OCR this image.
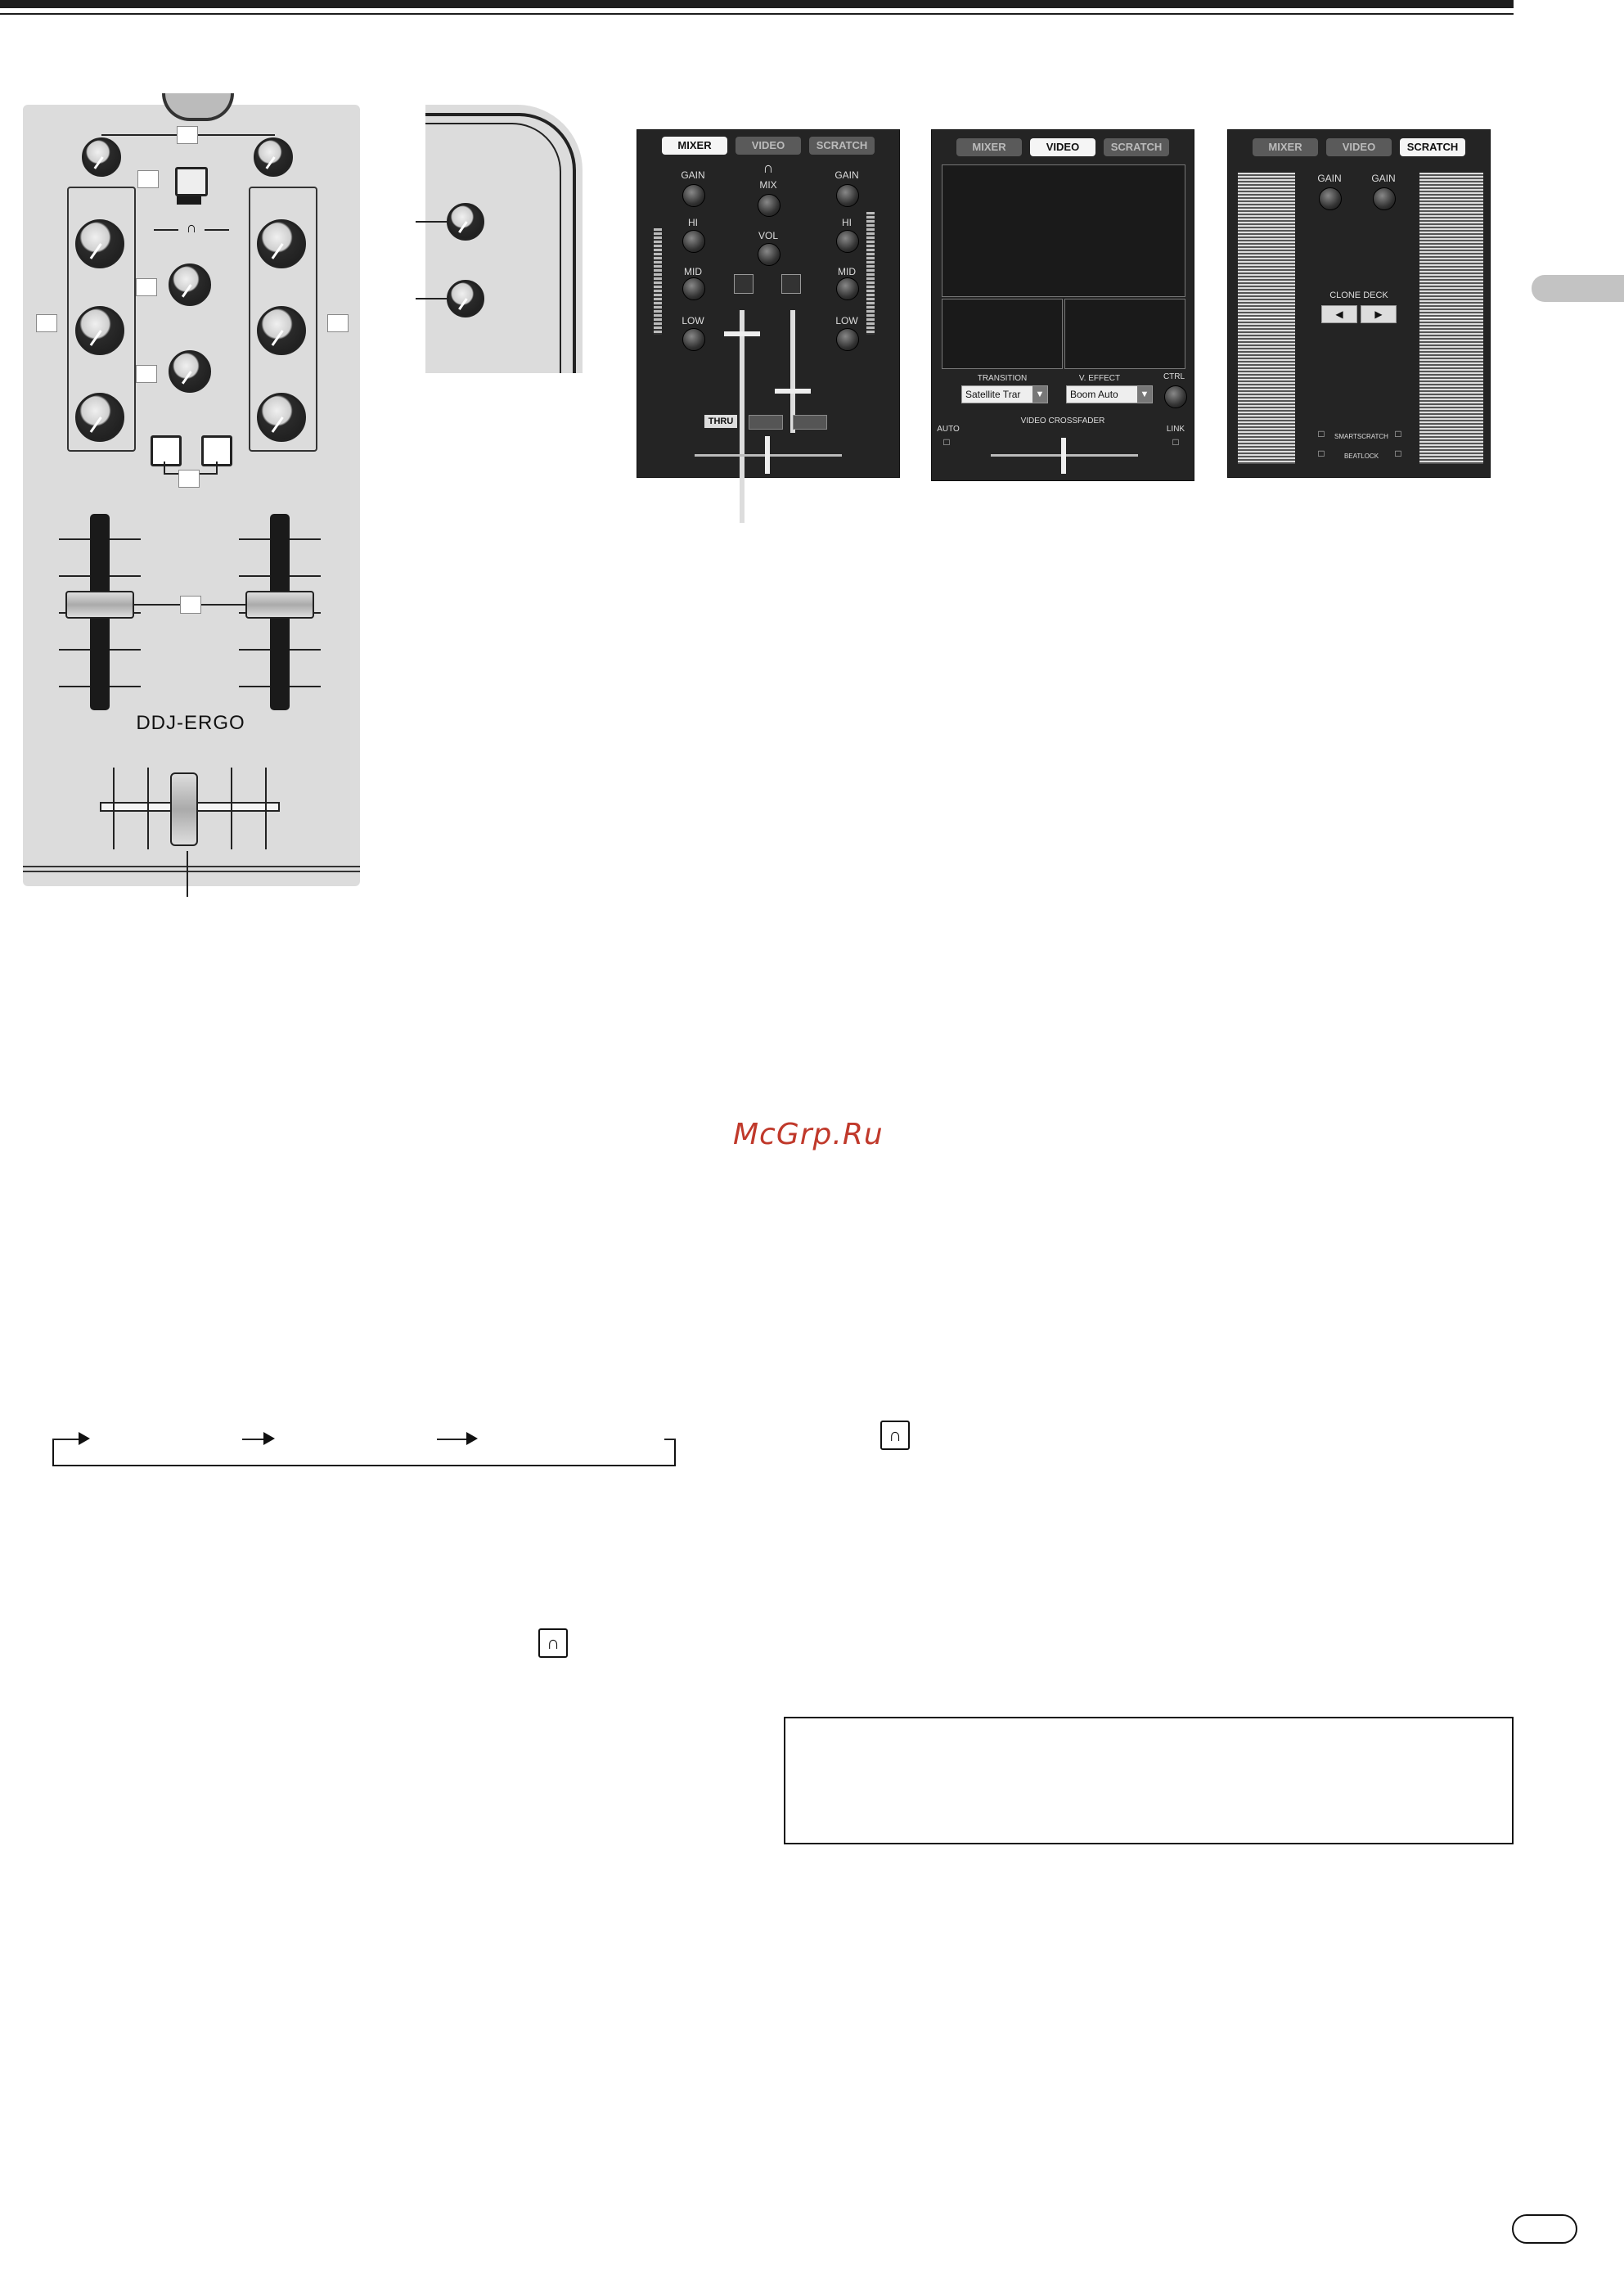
∩
DDJ-ERGO
MIXER	VIDEO	SCRATCH
GAIN	∩
MIX
GAIN
HI
VOL
HI
MID	MID
LOW	LOW
THRU
MIXER	VIDEO	SCRATCH
TRANSITION	V. EFFECT	CTRL
Satellite Trar	▼	Boom Auto	▼
AUTO
□
VIDEO CROSSFADER
LINK
□
MIXER	VIDEO	SCRATCH
GAIN	GAIN
CLONE DECK
◀	▶
□	SMARTSCRATCH □
□	BEATLOCK	□
McGrp.Ru
∩
∩
